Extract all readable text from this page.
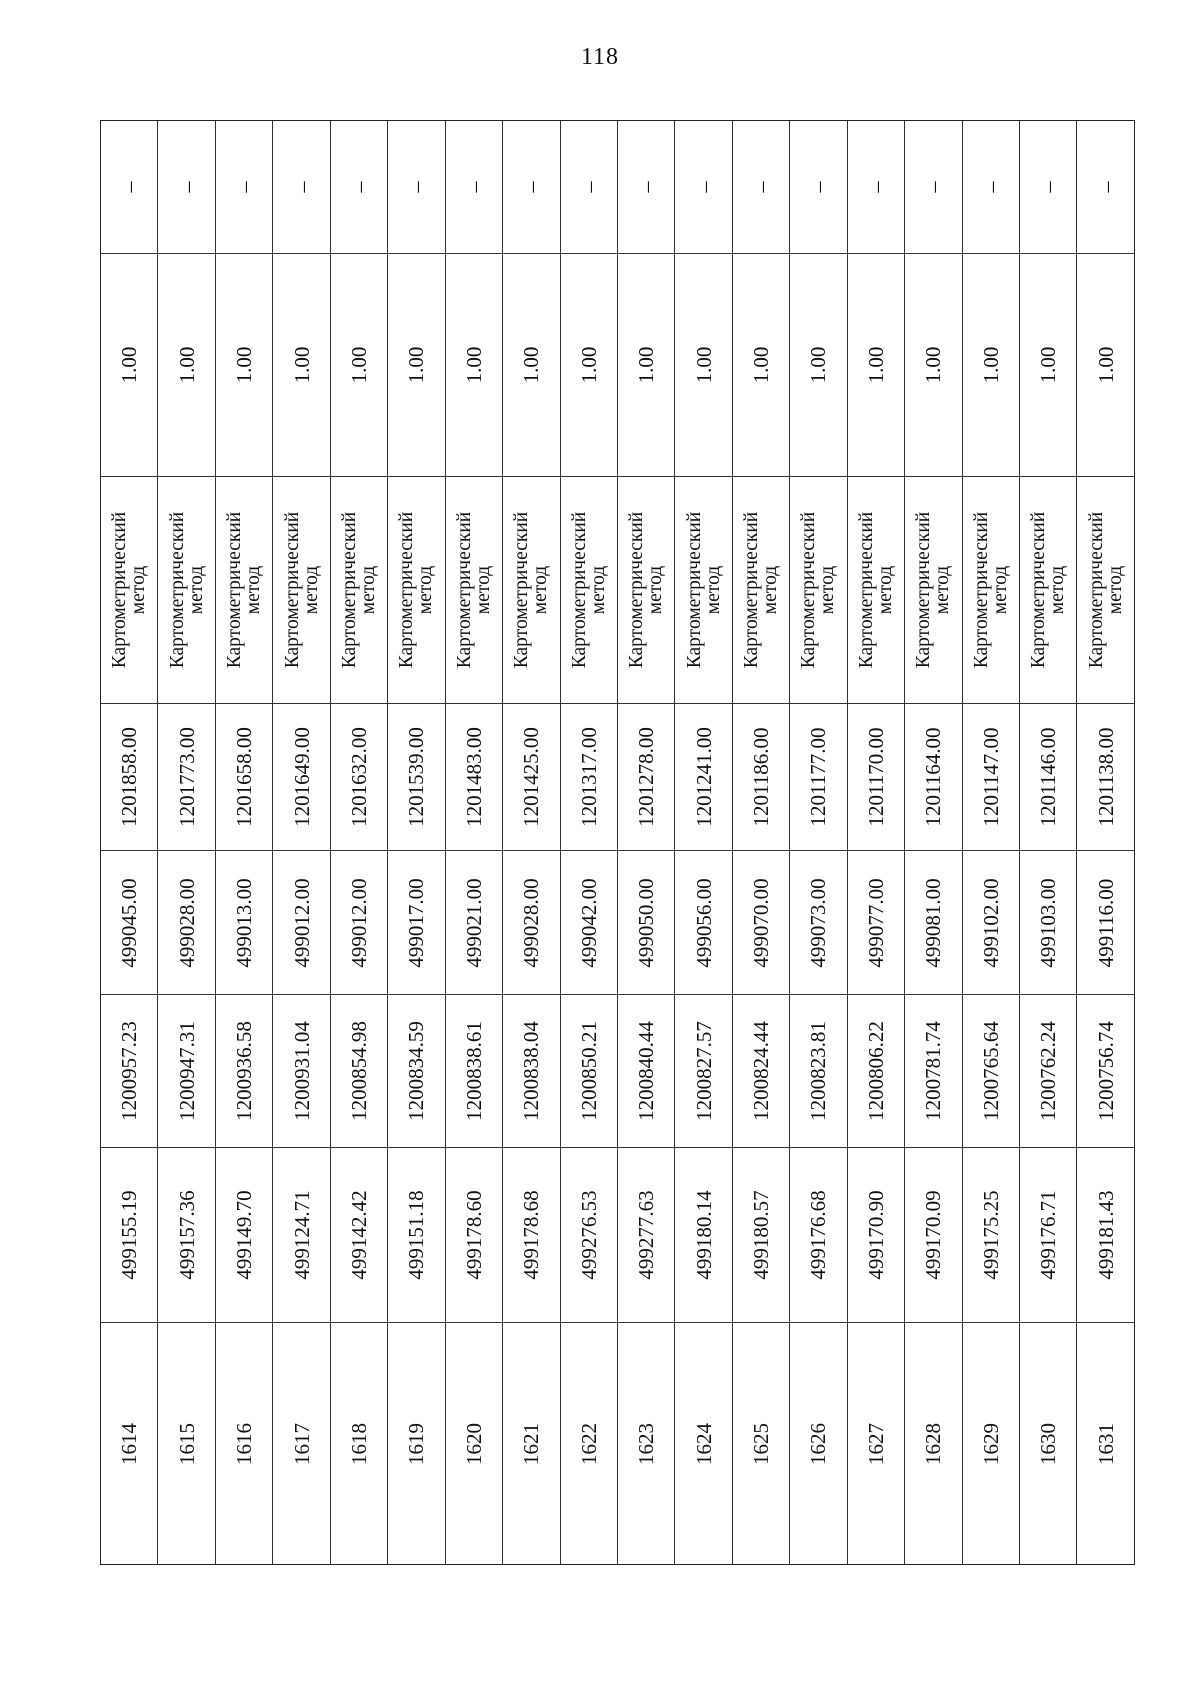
118
–
1.00
Картометрический
метод
1201858.00
499045.00
1200957.23
499155.19
1614
–
1.00
Картометрический
метод
1201773.00
499028.00
1200947.31
499157.36
1615
–
1.00
Картометрический
метод
1201658.00
499013.00
1200936.58
499149.70
1616
–
1.00
Картометрический
метод
1201649.00
499012.00
1200931.04
499124.71
1617
–
1.00
Картометрический
метод
1201632.00
499012.00
1200854.98
499142.42
1618
–
1.00
Картометрический
метод
1201539.00
499017.00
1200834.59
499151.18
1619
–
1.00
Картометрический
метод
1201483.00
499021.00
1200838.61
499178.60
1620
–
1.00
Картометрический
метод
1201425.00
499028.00
1200838.04
499178.68
1621
–
1.00
Картометрический
метод
1201317.00
499042.00
1200850.21
499276.53
1622
–
1.00
Картометрический
метод
1201278.00
499050.00
1200840.44
499277.63
1623
–
1.00
Картометрический
метод
1201241.00
499056.00
1200827.57
499180.14
1624
–
1.00
Картометрический
метод
1201186.00
499070.00
1200824.44
499180.57
1625
–
1.00
Картометрический
метод
1201177.00
499073.00
1200823.81
499176.68
1626
–
1.00
Картометрический
метод
1201170.00
499077.00
1200806.22
499170.90
1627
–
1.00
Картометрический
метод
1201164.00
499081.00
1200781.74
499170.09
1628
–
1.00
Картометрический
метод
1201147.00
499102.00
1200765.64
499175.25
1629
–
1.00
Картометрический
метод
1201146.00
499103.00
1200762.24
499176.71
1630
–
1.00
Картометрический
метод
1201138.00
499116.00
1200756.74
499181.43
1631
